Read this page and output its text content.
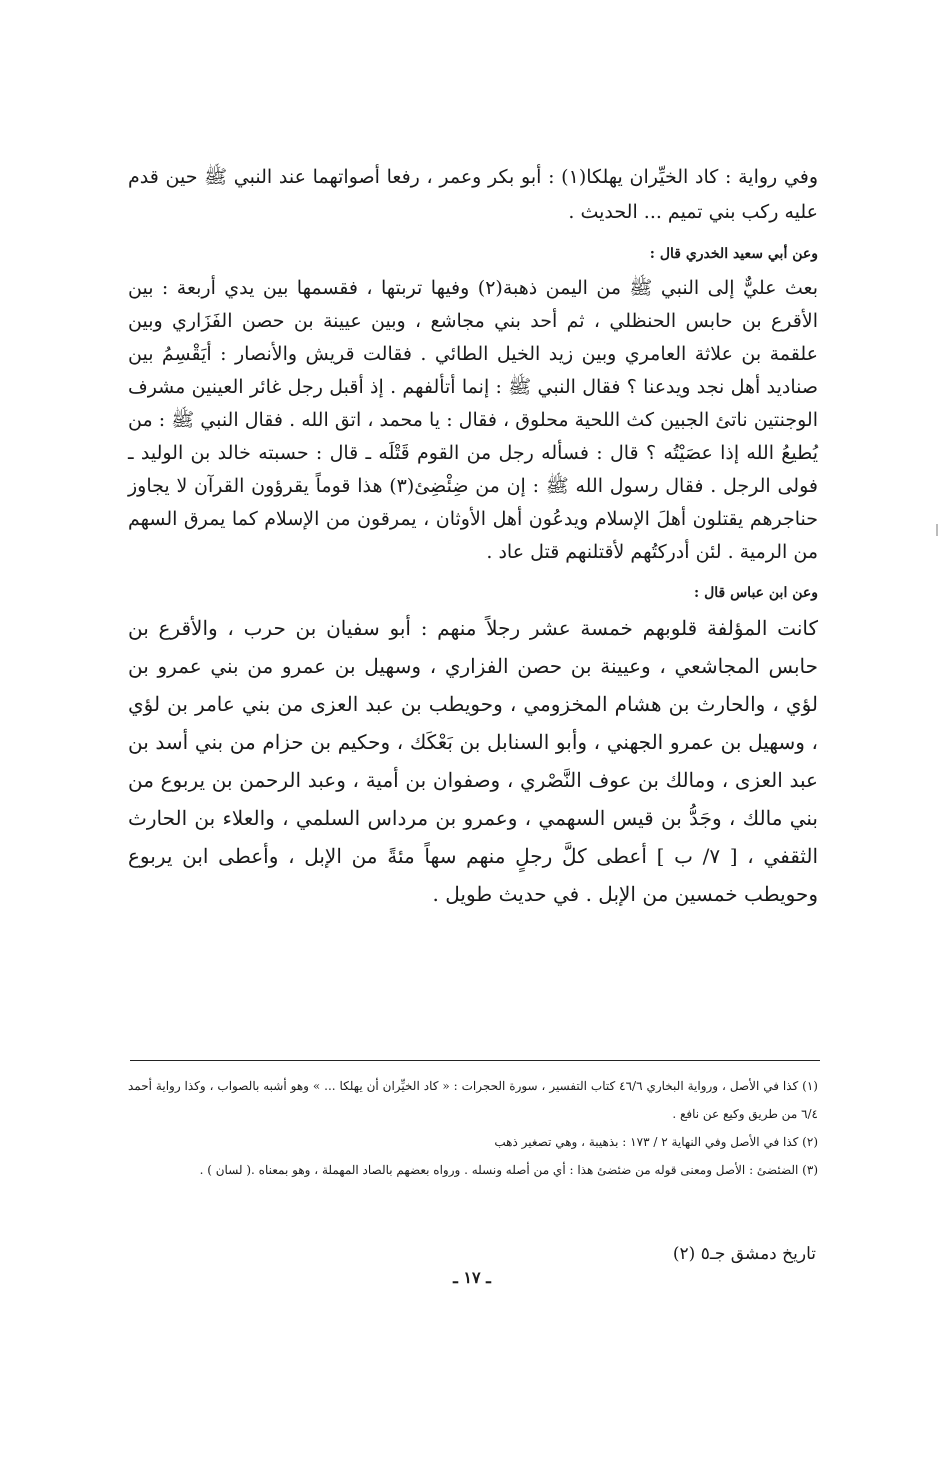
وفي رواية : كاد الخيِّران يهلكا(١) : أبو بكر وعمر ، رفعا أصواتهما عند النبي ﷺ حين قدم عليه ركب بني تميم ... الحديث .

وعن أبي سعيد الخدري قال :

بعث عليٌّ إلى النبي ﷺ من اليمن ذهبة(٢) وفيها تربتها ، فقسمها بين يدي أربعة : بين الأقرع بن حابس الحنظلي ، ثم أحد بني مجاشع ، وبين عيينة بن حصن الفَزَاري وبين علقمة بن علاثة العامري وبين زيد الخيل الطائي . فقالت قريش والأنصار : أيَقْسِمُ بين صناديد أهل نجد ويدعنا ؟ فقال النبي ﷺ : إنما أتألفهم . إذ أقبل رجل غائر العينين مشرف الوجنتين ناتئ الجبين كث اللحية محلوق ، فقال : يا محمد ، اتق الله . فقال النبي ﷺ : من يُطيعُ الله إذا عصَيْتُه ؟ قال : فسأله رجل من القوم قَتْلَه ـ قال : حسبته خالد بن الوليد ـ فولى الرجل . فقال رسول الله ﷺ : إن من ضِئْضِئ(٣) هذا قوماً يقرؤون القرآن لا يجاوز حناجرهم يقتلون أهلَ الإسلام ويدعُون أهل الأوثان ، يمرقون من الإسلام كما يمرق السهم من الرمية . لئن أدركتُهم لأقتلنهم قتل عاد .

وعن ابن عباس قال :

كانت المؤلفة قلوبهم خمسة عشر رجلاً منهم : أبو سفيان بن حرب ، والأقرع بن حابس المجاشعي ، وعيينة بن حصن الفزاري ، وسهيل بن عمرو من بني عمرو بن لؤي ، والحارث بن هشام المخزومي ، وحويطب بن عبد العزى من بني عامر بن لؤي ، وسهيل بن عمرو الجهني ، وأبو السنابل بن بَعْكَك ، وحكيم بن حزام من بني أسد بن عبد العزى ، ومالك بن عوف النَّصْري ، وصفوان بن أمية ، وعبد الرحمن بن يربوع من بني مالك ، وجَدُّ بن قيس السهمي ، وعمرو بن مرداس السلمي ، والعلاء بن الحارث الثقفي ، [ ٧/ ب ] أعطى كلَّ رجلٍ منهم سهاً مئةً من الإبل ، وأعطى ابن يربوع وحويطب خمسين من الإبل . في حديث طويل .

(١) كذا في الأصل ، ورواية البخاري ٤٦/٦ كتاب التفسير ، سورة الحجرات : « كاد الخيِّران أن يهلكا ... » وهو أشبه بالصواب ، وكذا رواية أحمد ٦/٤ من طريق وكيع عن نافع .

(٢) كذا في الأصل وفي النهاية ٢ / ١٧٣ : بذهيبة ، وهي تصغير ذهب

(٣) الضئضئ : الأصل ومعنى قوله من ضئضئ هذا : أي من أصله ونسله . ورواه بعضهم بالصاد المهملة ، وهو بمعناه .( لسان ) .

تاريخ دمشق جـ٥ (٢)
ـ ١٧ ـ
